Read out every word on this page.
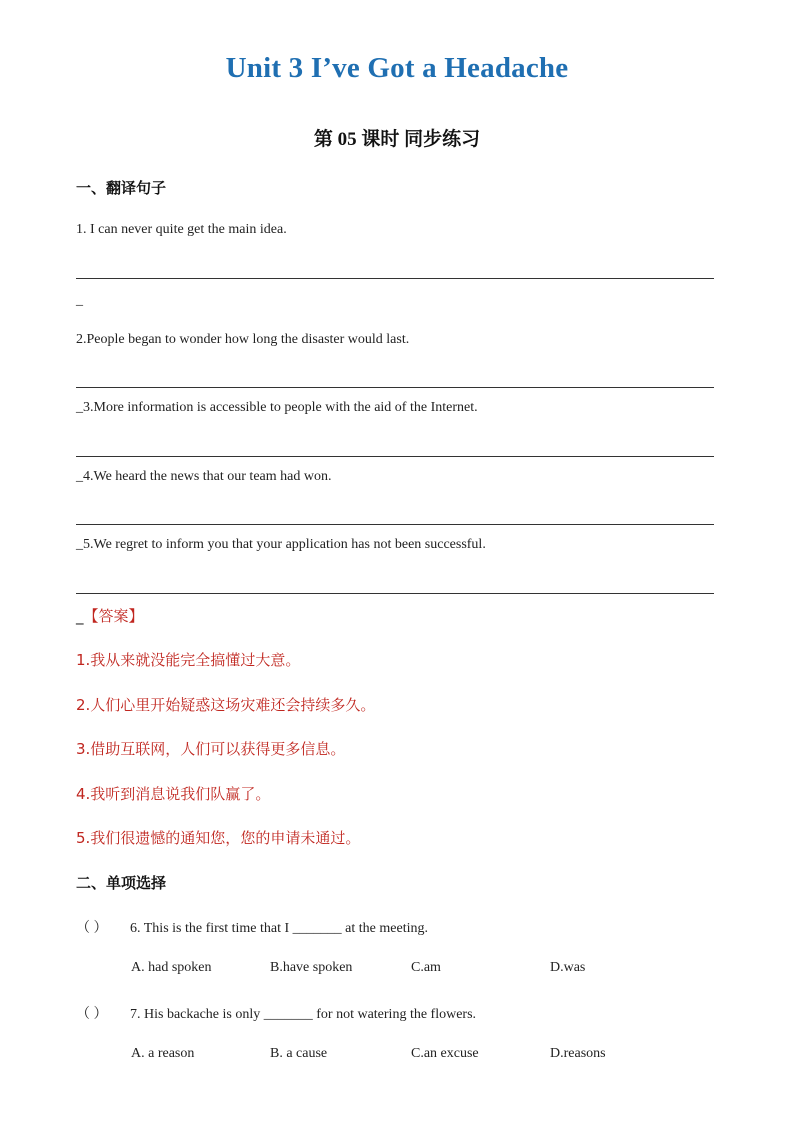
Unit 3 I’ve Got a Headache
第 05 课时 同步练习
一、翻译句子
1. I can never quite get the main idea.
_
2.People began to wonder how long the disaster would last.
_3.More information is accessible to people with the aid of the Internet.
_4.We heard the news that our team had won.
_5.We regret to inform you that your application has not been successful.
_【答案】
1.我从来就没能完全搞懂过大意。
2.人们心里开始疑惑这场灾难还会持续多久。
3.借助互联网，人们可以获得更多信息。
4.我听到消息说我们队赢了。
5.我们很遗憾的通知您，您的申请未通过。
二、单项选择
（ ） 6. This is the first time that I _______ at the meeting.
A. had spoken	B.have spoken	C.am	D.was
（ ） 7. His backache is only _______ for not watering the flowers.
A. a reason	B. a cause	C.an excuse	D.reasons
